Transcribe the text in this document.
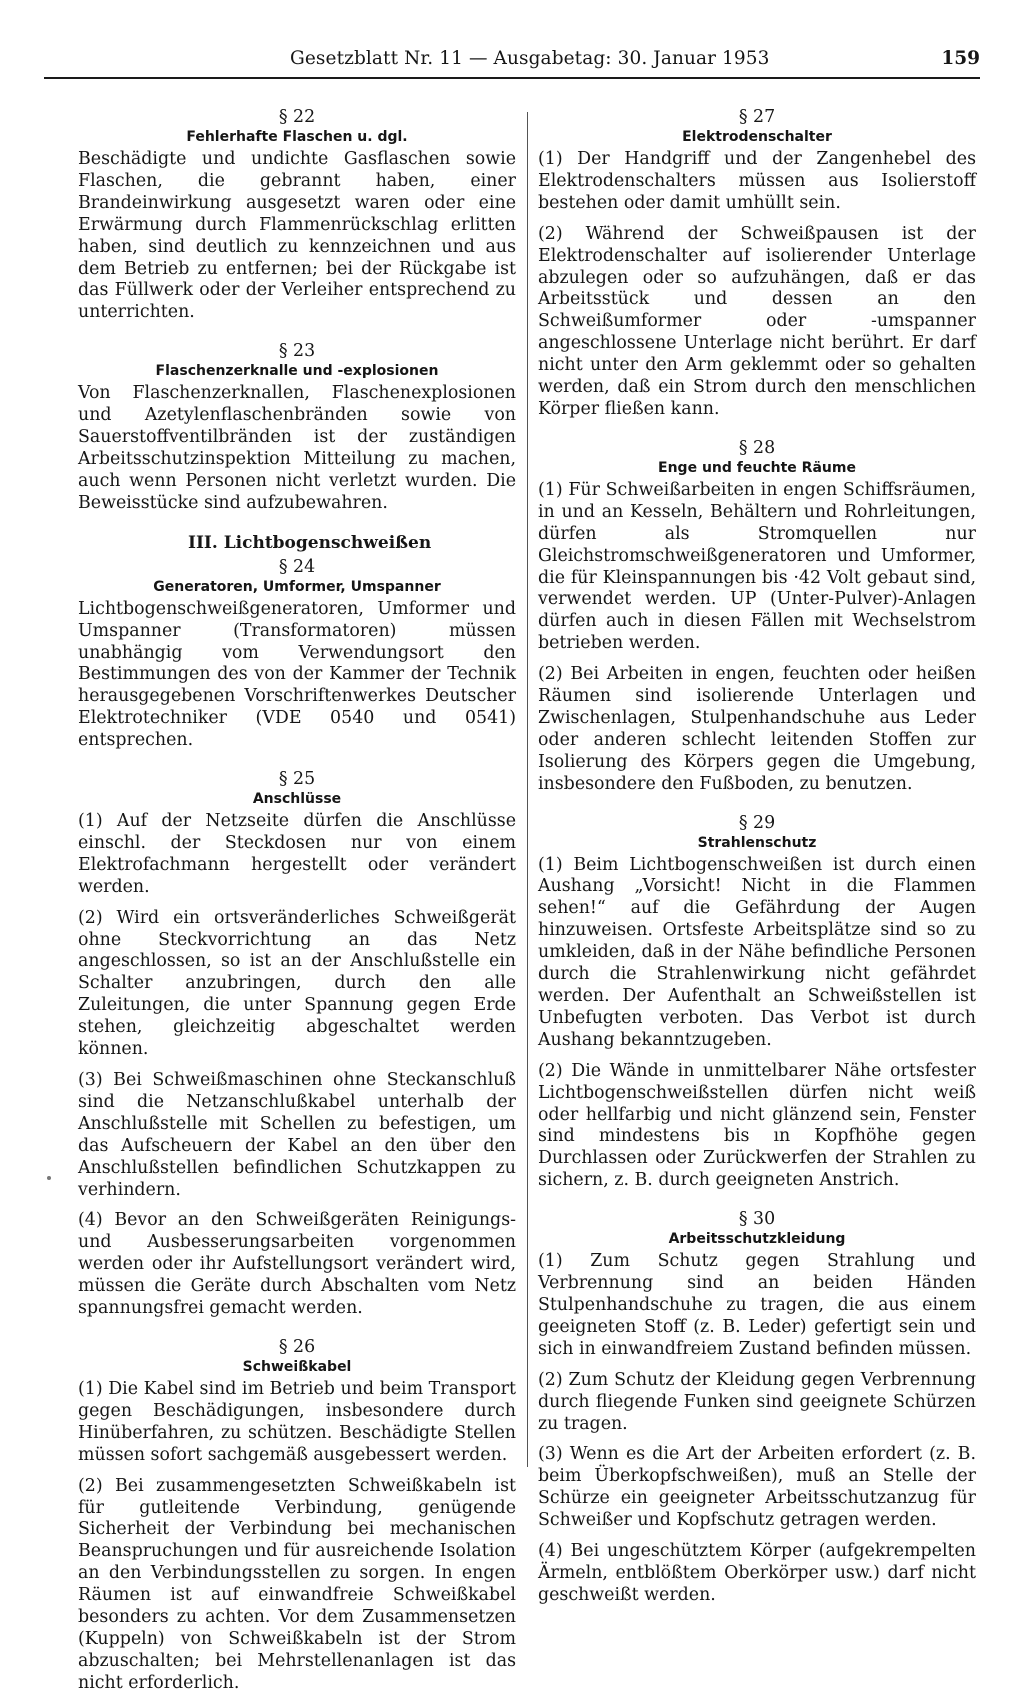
Gesetzblatt Nr. 11 — Ausgabetag: 30. Januar 1953	159
§ 22
Fehlerhafte Flaschen u. dgl.

Beschädigte und undichte Gasflaschen sowie Flaschen, die gebrannt haben, einer Brandeinwirkung ausgesetzt waren oder eine Erwärmung durch Flammenrückschlag erlitten haben, sind deutlich zu kennzeichnen und aus dem Betrieb zu entfernen; bei der Rückgabe ist das Füllwerk oder der Verleiher entsprechend zu unterrichten.

§ 23
Flaschenzerknalle und -explosionen

Von Flaschenzerknallen, Flaschenexplosionen und Azetylenflaschenbränden sowie von Sauerstoffventilbränden ist der zuständigen Arbeitsschutzinspektion Mitteilung zu machen, auch wenn Personen nicht verletzt wurden. Die Beweisstücke sind aufzubewahren.

III. Lichtbogenschweißen
§ 24
Generatoren, Umformer, Umspanner

Lichtbogenschweißgeneratoren, Umformer und Umspanner (Transformatoren) müssen unabhängig vom Verwendungsort den Bestimmungen des von der Kammer der Technik herausgegebenen Vorschriftenwerkes Deutscher Elektrotechniker (VDE 0540 und 0541) entsprechen.

§ 25
Anschlüsse

(1) Auf der Netzseite dürfen die Anschlüsse einschl. der Steckdosen nur von einem Elektrofachmann hergestellt oder verändert werden.

(2) Wird ein ortsveränderliches Schweißgerät ohne Steckvorrichtung an das Netz angeschlossen, so ist an der Anschlußstelle ein Schalter anzubringen, durch den alle Zuleitungen, die unter Spannung gegen Erde stehen, gleichzeitig abgeschaltet werden können.

(3) Bei Schweißmaschinen ohne Steckanschluß sind die Netzanschlußkabel unterhalb der Anschlußstelle mit Schellen zu befestigen, um das Aufscheuern der Kabel an den über den Anschlußstellen befindlichen Schutzkappen zu verhindern.

(4) Bevor an den Schweißgeräten Reinigungs- und Ausbesserungsarbeiten vorgenommen werden oder ihr Aufstellungsort verändert wird, müssen die Geräte durch Abschalten vom Netz spannungsfrei gemacht werden.

§ 26
Schweißkabel

(1) Die Kabel sind im Betrieb und beim Transport gegen Beschädigungen, insbesondere durch Hinüberfahren, zu schützen. Beschädigte Stellen müssen sofort sachgemäß ausgebessert werden.

(2) Bei zusammengesetzten Schweißkabeln ist für gutleitende Verbindung, genügende Sicherheit der Verbindung bei mechanischen Beanspruchungen und für ausreichende Isolation an den Verbindungsstellen zu sorgen. In engen Räumen ist auf einwandfreie Schweißkabel besonders zu achten. Vor dem Zusammensetzen (Kuppeln) von Schweißkabeln ist der Strom abzuschalten; bei Mehrstellenanlagen ist das nicht erforderlich.

§ 27
Elektrodenschalter

(1) Der Handgriff und der Zangenhebel des Elektrodenschalters müssen aus Isolierstoff bestehen oder damit umhüllt sein.

(2) Während der Schweißpausen ist der Elektrodenschalter auf isolierender Unterlage abzulegen oder so aufzuhängen, daß er das Arbeitsstück und dessen an den Schweißumformer oder -umspanner angeschlossene Unterlage nicht berührt. Er darf nicht unter den Arm geklemmt oder so gehalten werden, daß ein Strom durch den menschlichen Körper fließen kann.

§ 28
Enge und feuchte Räume

(1) Für Schweißarbeiten in engen Schiffsräumen, in und an Kesseln, Behältern und Rohrleitungen, dürfen als Stromquellen nur Gleichstromschweißgeneratoren und Umformer, die für Kleinspannungen bis ·42 Volt gebaut sind, verwendet werden. UP (Unter-Pulver)-Anlagen dürfen auch in diesen Fällen mit Wechselstrom betrieben werden.

(2) Bei Arbeiten in engen, feuchten oder heißen Räumen sind isolierende Unterlagen und Zwischenlagen, Stulpenhandschuhe aus Leder oder anderen schlecht leitenden Stoffen zur Isolierung des Körpers gegen die Umgebung, insbesondere den Fußboden, zu benutzen.

§ 29
Strahlenschutz

(1) Beim Lichtbogenschweißen ist durch einen Aushang „Vorsicht! Nicht in die Flammen sehen!“ auf die Gefährdung der Augen hinzuweisen. Ortsfeste Arbeitsplätze sind so zu umkleiden, daß in der Nähe befindliche Personen durch die Strahlenwirkung nicht gefährdet werden. Der Aufenthalt an Schweißstellen ist Unbefugten verboten. Das Verbot ist durch Aushang bekanntzugeben.

(2) Die Wände in unmittelbarer Nähe ortsfester Lichtbogenschweißstellen dürfen nicht weiß oder hellfarbig und nicht glänzend sein, Fenster sind mindestens bis ın Kopfhöhe gegen Durchlassen oder Zurückwerfen der Strahlen zu sichern, z. B. durch geeigneten Anstrich.

§ 30
Arbeitsschutzkleidung

(1) Zum Schutz gegen Strahlung und Verbrennung sind an beiden Händen Stulpenhandschuhe zu tragen, die aus einem geeigneten Stoff (z. B. Leder) gefertigt sein und sich in einwandfreiem Zustand befinden müssen.

(2) Zum Schutz der Kleidung gegen Verbrennung durch fliegende Funken sind geeignete Schürzen zu tragen.

(3) Wenn es die Art der Arbeiten erfordert (z. B. beim Überkopfschweißen), muß an Stelle der Schürze ein geeigneter Arbeitsschutzanzug für Schweißer und Kopfschutz getragen werden.

(4) Bei ungeschütztem Körper (aufgekrempelten Ärmeln, entblößtem Oberkörper usw.) darf nicht geschweißt werden.
